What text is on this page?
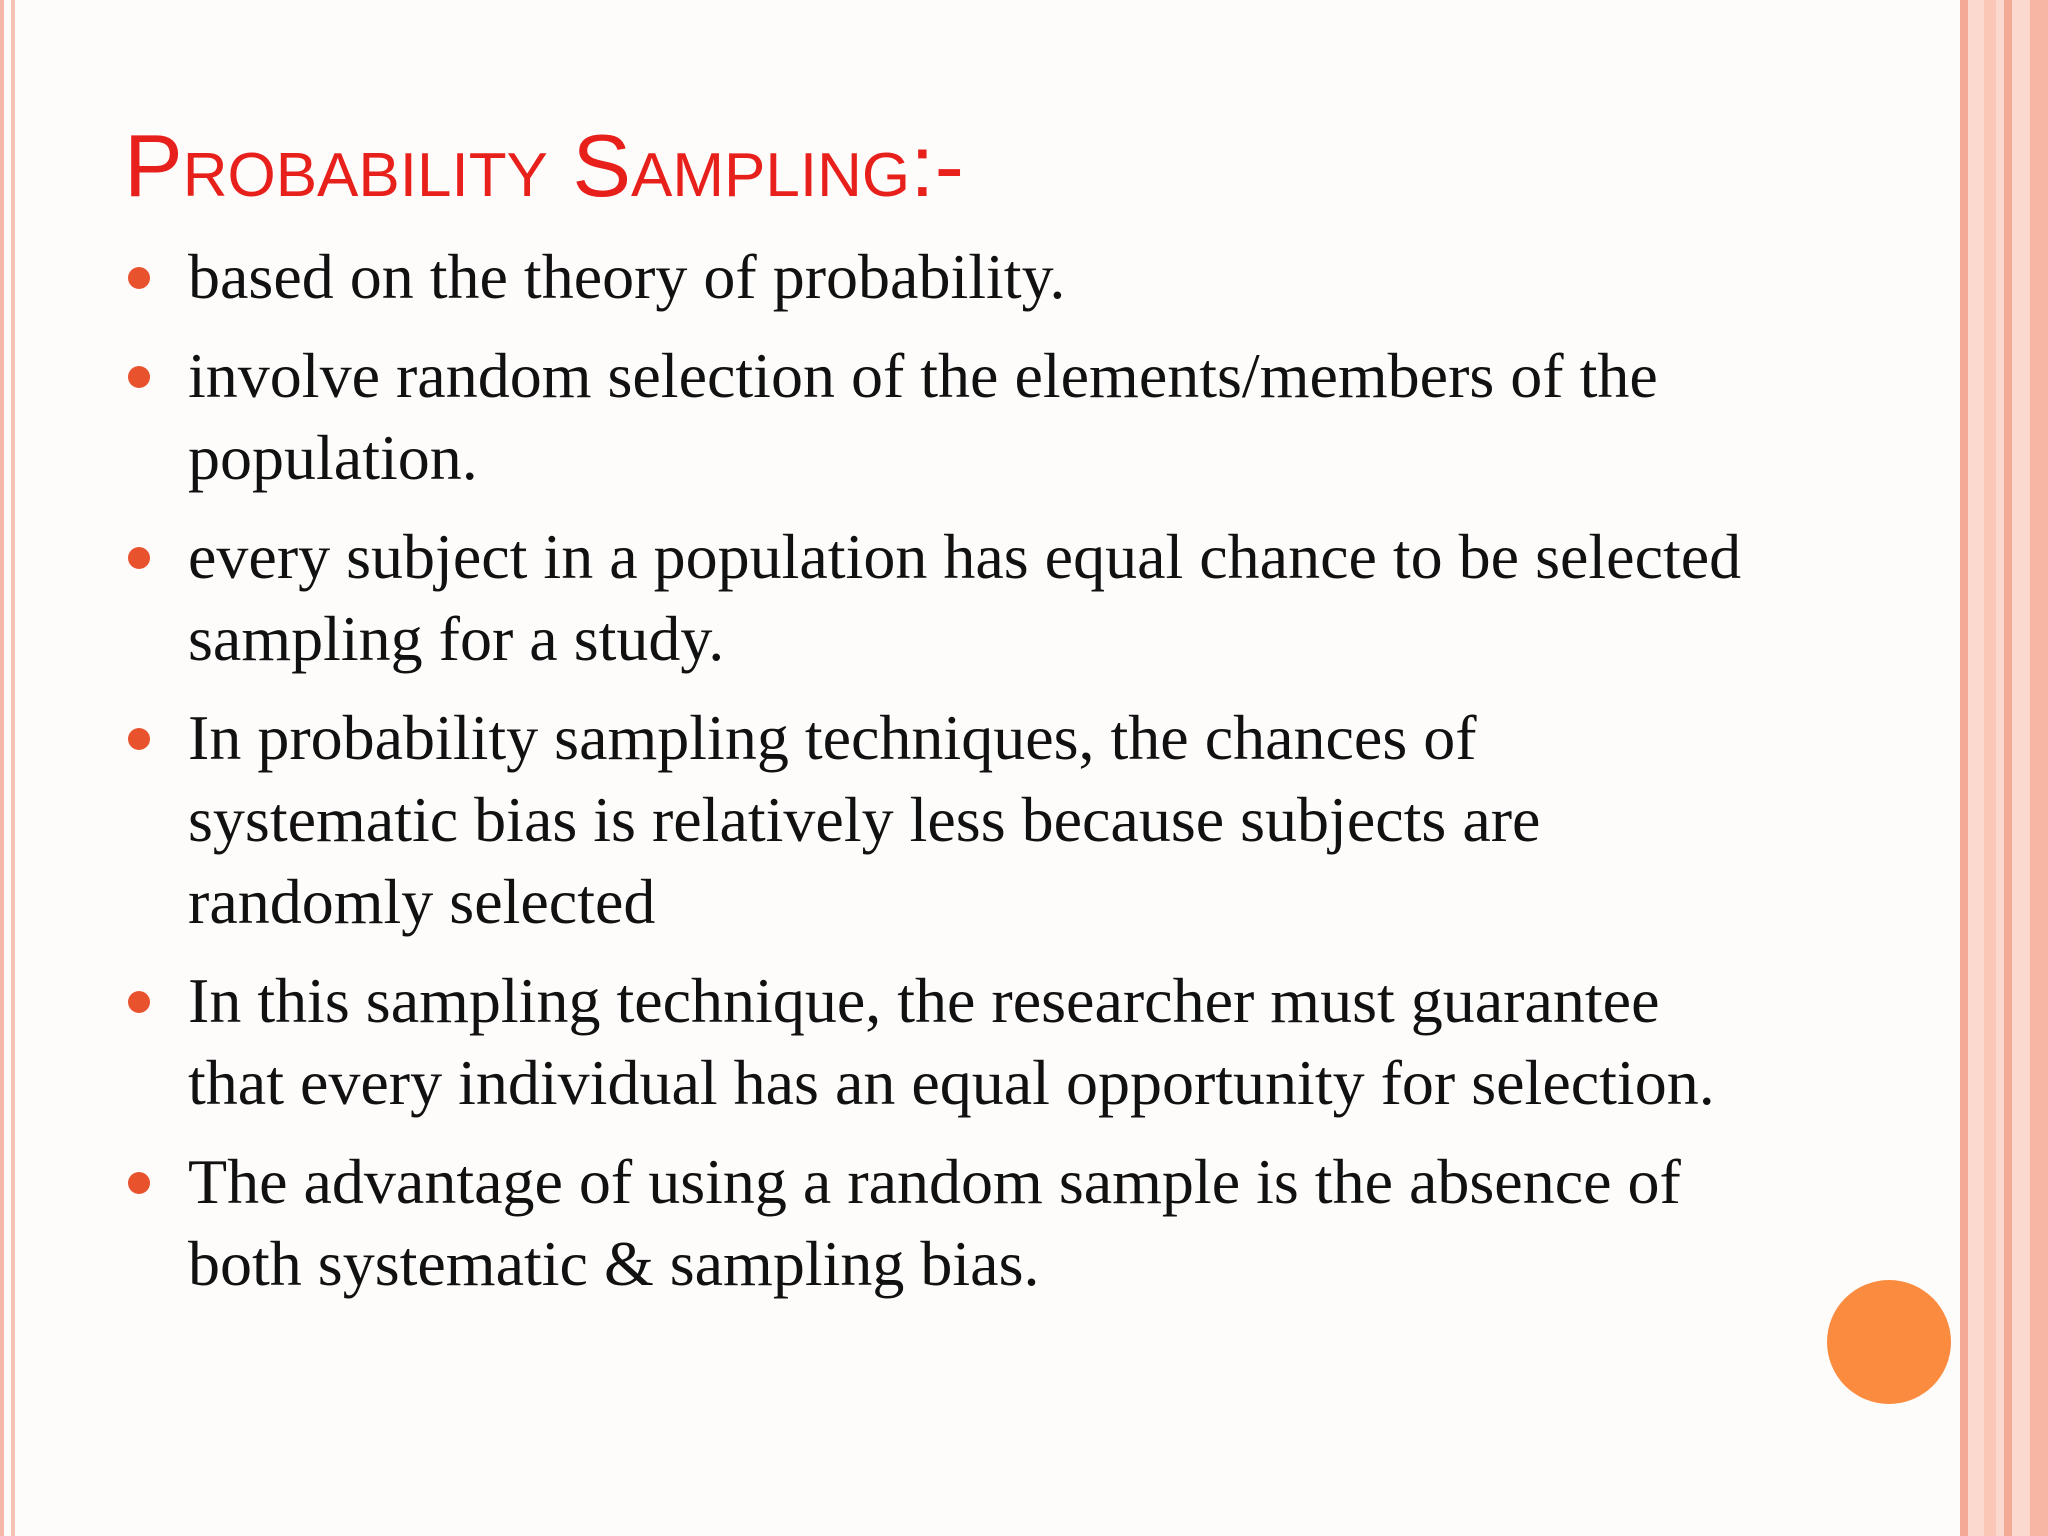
Probability Sampling:-
based on the theory of probability.
involve random selection of the elements/members of the population.
every subject in a population has equal chance to be selected sampling for a study.
In probability sampling techniques, the chances of systematic bias is relatively less because subjects are randomly selected
In this sampling technique, the researcher must guarantee that every individual has an equal opportunity for selection.
The advantage of using a random sample is the absence of both systematic & sampling bias.
